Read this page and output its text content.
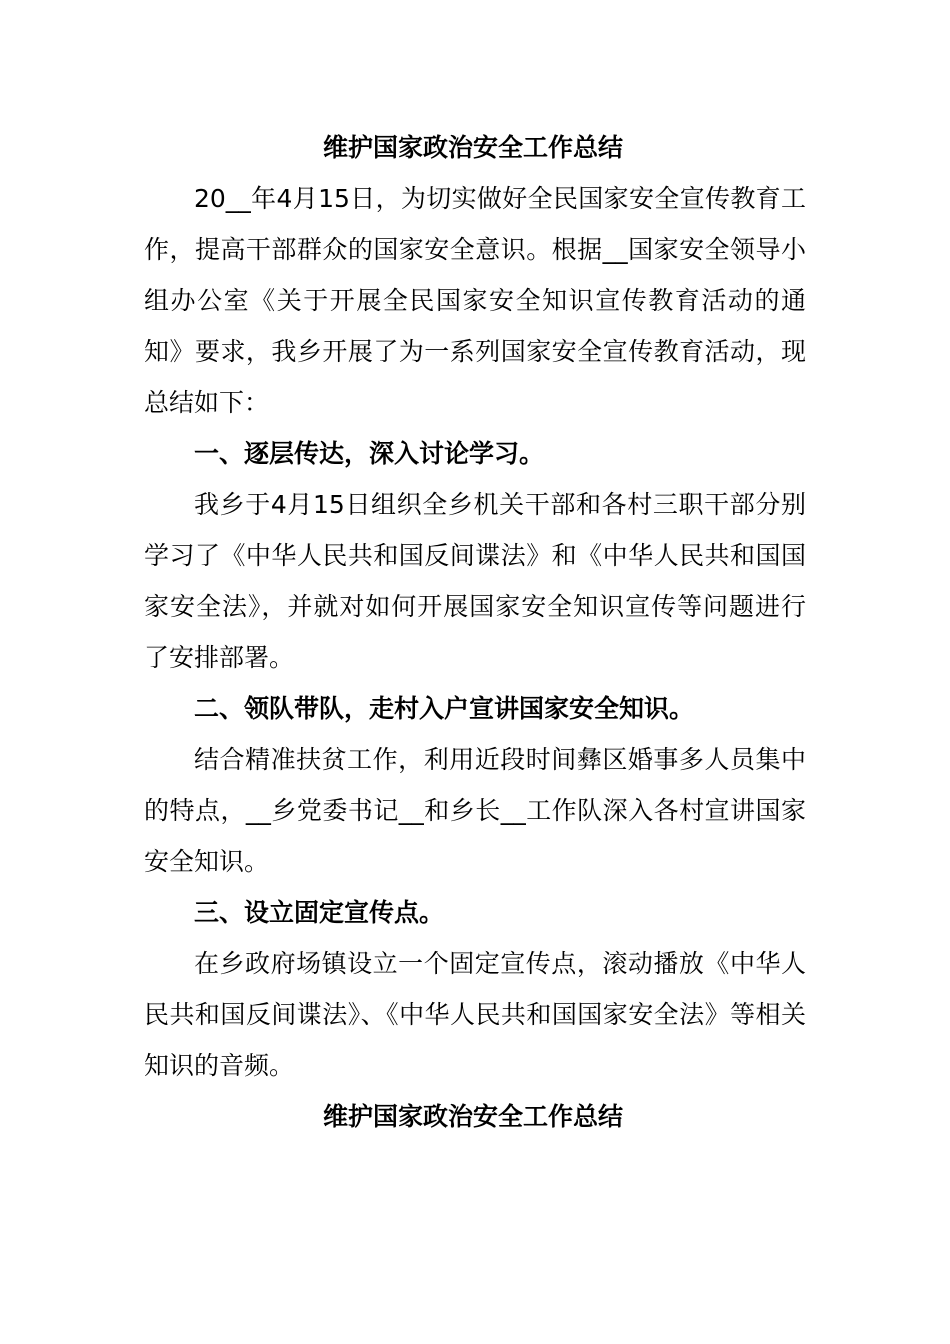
维护国家政治安全工作总结

20__年4月15日，为切实做好全民国家安全宣传教育工作，提高干部群众的国家安全意识。根据__国家安全领导小组办公室《关于开展全民国家安全知识宣传教育活动的通知》要求，我乡开展了为一系列国家安全宣传教育活动，现总结如下：

一、逐层传达，深入讨论学习。

我乡于4月15日组织全乡机关干部和各村三职干部分别学习了《中华人民共和国反间谍法》和《中华人民共和国国家安全法》，并就对如何开展国家安全知识宣传等问题进行了安排部署。

二、领队带队，走村入户宣讲国家安全知识。

结合精准扶贫工作，利用近段时间彝区婚事多人员集中的特点，__乡党委书记__和乡长__工作队深入各村宣讲国家安全知识。

三、设立固定宣传点。

在乡政府场镇设立一个固定宣传点，滚动播放《中华人民共和国反间谍法》、《中华人民共和国国家安全法》等相关知识的音频。

维护国家政治安全工作总结
